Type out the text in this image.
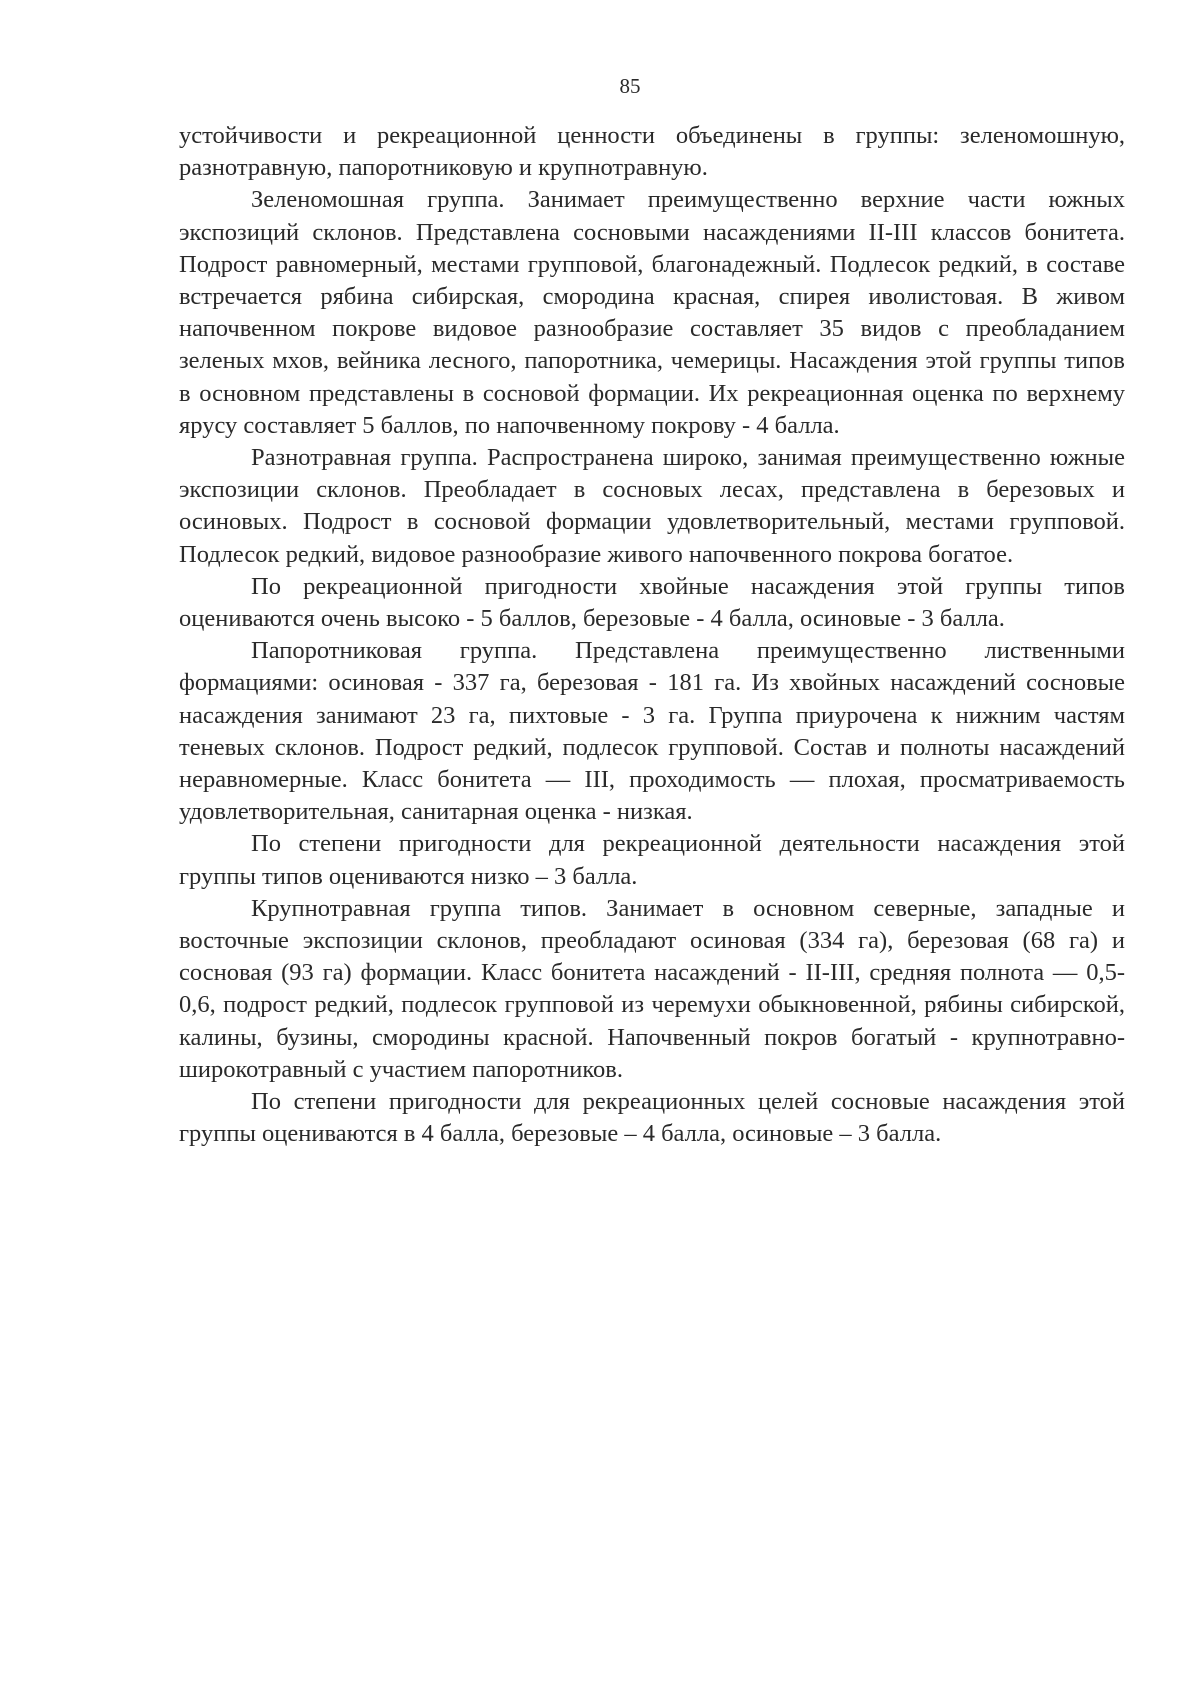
85

устойчивости и рекреационной ценности объединены в группы: зеленомошную, разнотравную, папоротниковую и крупнотравную.

Зеленомошная группа. Занимает преимущественно верхние части южных экспозиций склонов. Представлена сосновыми насаждениями II-III классов бонитета. Подрост равномерный, местами групповой, благонадежный. Подлесок редкий, в составе встречается рябина сибирская, смородина красная, спирея иволистовая. В живом напочвенном покрове видовое разнообразие составляет 35 видов с преобладанием зеленых мхов, вейника лесного, папоротника, чемерицы. Насаждения этой группы типов в основном представлены в сосновой формации. Их рекреационная оценка по верхнему ярусу составляет 5 баллов, по напочвенному покрову - 4 балла.

Разнотравная группа. Распространена широко, занимая преимущественно южные экспозиции склонов. Преобладает в сосновых лесах, представлена в березовых и осиновых. Подрост в сосновой формации удовлетворительный, местами групповой. Подлесок редкий, видовое разнообразие живого напочвенного покрова богатое.

По рекреационной пригодности хвойные насаждения этой группы типов оцениваются очень высоко - 5 баллов, березовые - 4 балла, осиновые - 3 балла.

Папоротниковая группа. Представлена преимущественно лиственными формациями: осиновая - 337 га, березовая - 181 га. Из хвойных насаждений сосновые насаждения занимают 23 га, пихтовые - 3 га. Группа приурочена к нижним частям теневых склонов. Подрост редкий, подлесок групповой. Состав и полноты насаждений неравномерные. Класс бонитета — III, проходимость — плохая, просматриваемость удовлетворительная, санитарная оценка - низкая.

По степени пригодности для рекреационной деятельности насаждения этой группы типов оцениваются низко – 3 балла.

Крупнотравная группа типов. Занимает в основном северные, западные и восточные экспозиции склонов, преобладают осиновая (334 га), березовая (68 га) и сосновая (93 га) формации. Класс бонитета насаждений - II-III, средняя полнота — 0,5-0,6, подрост редкий, подлесок групповой из черемухи обыкновенной, рябины сибирской, калины, бузины, смородины красной. Напочвенный покров богатый - крупнотравно-широкотравный с участием папоротников.

По степени пригодности для рекреационных целей сосновые насаждения этой группы оцениваются в 4 балла, березовые – 4 балла, осиновые – 3 балла.
